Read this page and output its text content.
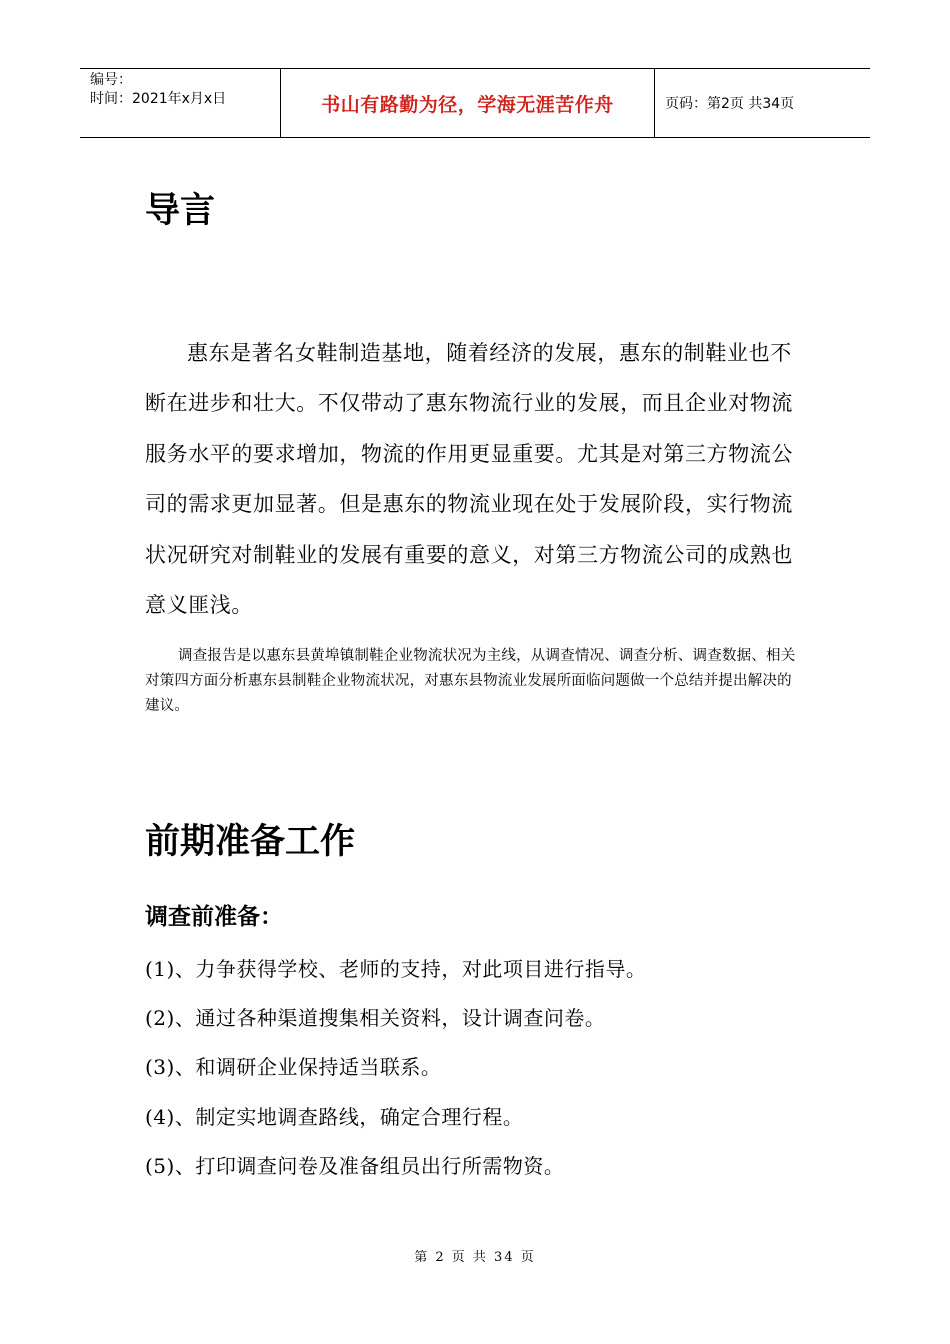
编号：
时间：2021年x月x日	书山有路勤为径，学海无涯苦作舟	页码：第2页 共34页
导言

惠东是著名女鞋制造基地，随着经济的发展，惠东的制鞋业也不断在进步和壮大。不仅带动了惠东物流行业的发展，而且企业对物流服务水平的要求增加，物流的作用更显重要。尤其是对第三方物流公司的需求更加显著。但是惠东的物流业现在处于发展阶段，实行物流状况研究对制鞋业的发展有重要的意义，对第三方物流公司的成熟也意义匪浅。

调查报告是以惠东县黄埠镇制鞋企业物流状况为主线，从调查情况、调查分析、调查数据、相关对策四方面分析惠东县制鞋企业物流状况，对惠东县物流业发展所面临问题做一个总结并提出解决的建议。

前期准备工作
调查前准备：
(1)、力争获得学校、老师的支持，对此项目进行指导。
(2)、通过各种渠道搜集相关资料，设计调查问卷。
(3)、和调研企业保持适当联系。
(4)、制定实地调查路线，确定合理行程。
(5)、打印调查问卷及准备组员出行所需物资。
第 2 页 共 34 页
